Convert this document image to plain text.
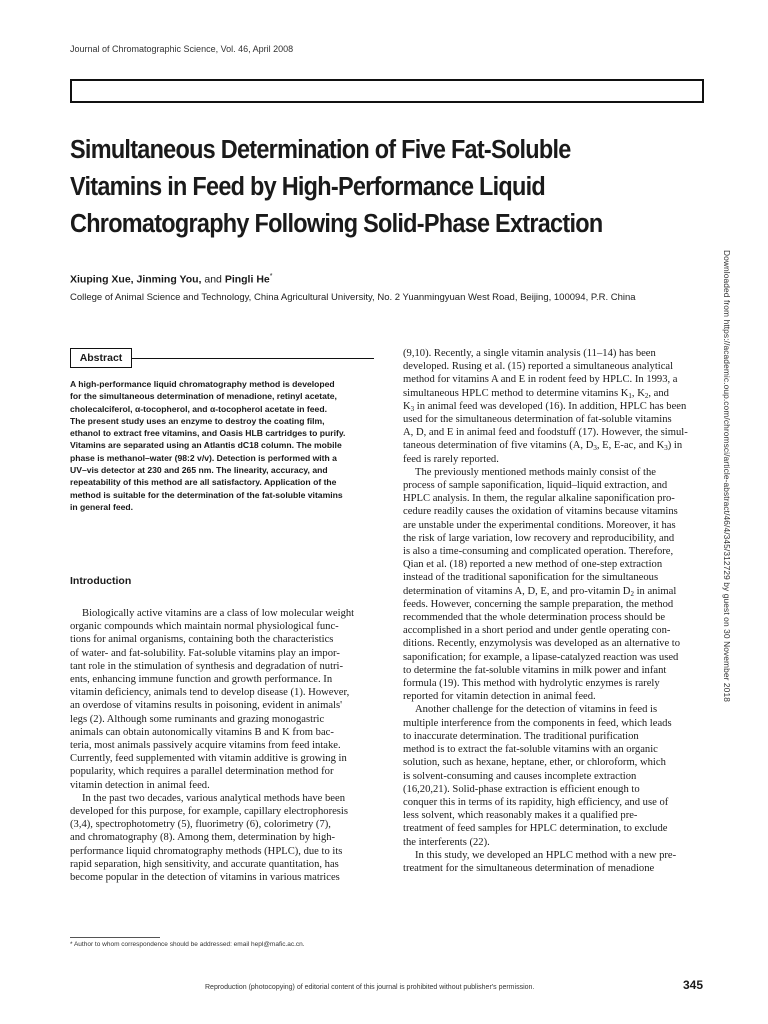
Journal of Chromatographic Science, Vol. 46, April 2008
Simultaneous Determination of Five Fat-Soluble
Vitamins in Feed by High-Performance Liquid
Chromatography Following Solid-Phase Extraction
Xiuping Xue, Jinming You, and Pingli He*
College of Animal Science and Technology, China Agricultural University, No. 2 Yuanmingyuan West Road, Beijing, 100094, P.R. China
Abstract
A high-performance liquid chromatography method is developed
for the simultaneous determination of menadione, retinyl acetate,
cholecalciferol, α-tocopherol, and α-tocopherol acetate in feed.
The present study uses an enzyme to destroy the coating film,
ethanol to extract free vitamins, and Oasis HLB cartridges to purify.
Vitamins are separated using an Atlantis dC18 column. The mobile
phase is methanol–water (98:2 v/v). Detection is performed with a
UV–vis detector at 230 and 265 nm. The linearity, accuracy, and
repeatability of this method are all satisfactory. Application of the
method is suitable for the determination of the fat-soluble vitamins
in general feed.
Introduction
Biologically active vitamins are a class of low molecular weight
organic compounds which maintain normal physiological func-
tions for animal organisms, containing both the characteristics
of water- and fat-solubility. Fat-soluble vitamins play an impor-
tant role in the stimulation of synthesis and degradation of nutri-
ents, enhancing immune function and growth performance. In
vitamin deficiency, animals tend to develop disease (1). However,
an overdose of vitamins results in poisoning, evident in animals'
legs (2). Although some ruminants and grazing monogastric
animals can obtain autonomically vitamins B and K from bac-
teria, most animals passively acquire vitamins from feed intake.
Currently, feed supplemented with vitamin additive is growing in
popularity, which requires a parallel determination method for
vitamin detection in animal feed.
In the past two decades, various analytical methods have been
developed for this purpose, for example, capillary electrophoresis
(3,4), spectrophotometry (5), fluorimetry (6), colorimetry (7),
and chromatography (8). Among them, determination by high-
performance liquid chromatography methods (HPLC), due to its
rapid separation, high sensitivity, and accurate quantitation, has
become popular in the detection of vitamins in various matrices
(9,10). Recently, a single vitamin analysis (11–14) has been
developed. Rusing et al. (15) reported a simultaneous analytical
method for vitamins A and E in rodent feed by HPLC. In 1993, a
simultaneous HPLC method to determine vitamins $K_1$, $K_2$, and
$K_3$ in animal feed was developed (16). In addition, HPLC has been
used for the simultaneous determination of fat-soluble vitamins
A, D, and E in animal feed and foodstuff (17). However, the simul-
taneous determination of five vitamins (A, $D_3$, E, E-ac, and $K_3$) in
feed is rarely reported.
The previously mentioned methods mainly consist of the
process of sample saponification, liquid–liquid extraction, and
HPLC analysis. In them, the regular alkaline saponification pro-
cedure readily causes the oxidation of vitamins because vitamins
are unstable under the experimental conditions. Moreover, it has
the risk of large variation, low recovery and reproducibility, and
is also a time-consuming and complicated operation. Therefore,
Qian et al. (18) reported a new method of one-step extraction
instead of the traditional saponification for the simultaneous
determination of vitamins A, D, E, and pro-vitamin $D_2$ in animal
feeds. However, concerning the sample preparation, the method
recommended that the whole determination process should be
accomplished in a short period and under gentle operating con-
ditions. Recently, enzymolysis was developed as an alternative to
saponification; for example, a lipase-catalyzed reaction was used
to determine the fat-soluble vitamins in milk power and infant
formula (19). This method with hydrolytic enzymes is rarely
reported for vitamin detection in animal feed.
Another challenge for the detection of vitamins in feed is
multiple interference from the components in feed, which leads
to inaccurate determination. The traditional purification
method is to extract the fat-soluble vitamins with an organic
solution, such as hexane, heptane, ether, or chloroform, which
is solvent-consuming and causes incomplete extraction
(16,20,21). Solid-phase extraction is efficient enough to
conquer this in terms of its rapidity, high efficiency, and use of
less solvent, which reasonably makes it a qualified pre-
treatment of feed samples for HPLC determination, to exclude
the interferents (22).
In this study, we developed an HPLC method with a new pre-
treatment for the simultaneous determination of menadione
* Author to whom correspondence should be addressed: email hepl@mafic.ac.cn.
Reproduction (photocopying) of editorial content of this journal is prohibited without publisher's permission.	345
Downloaded from https://academic.oup.com/chromsci/article-abstract/46/4/345/312729 by guest on 30 November 2018
